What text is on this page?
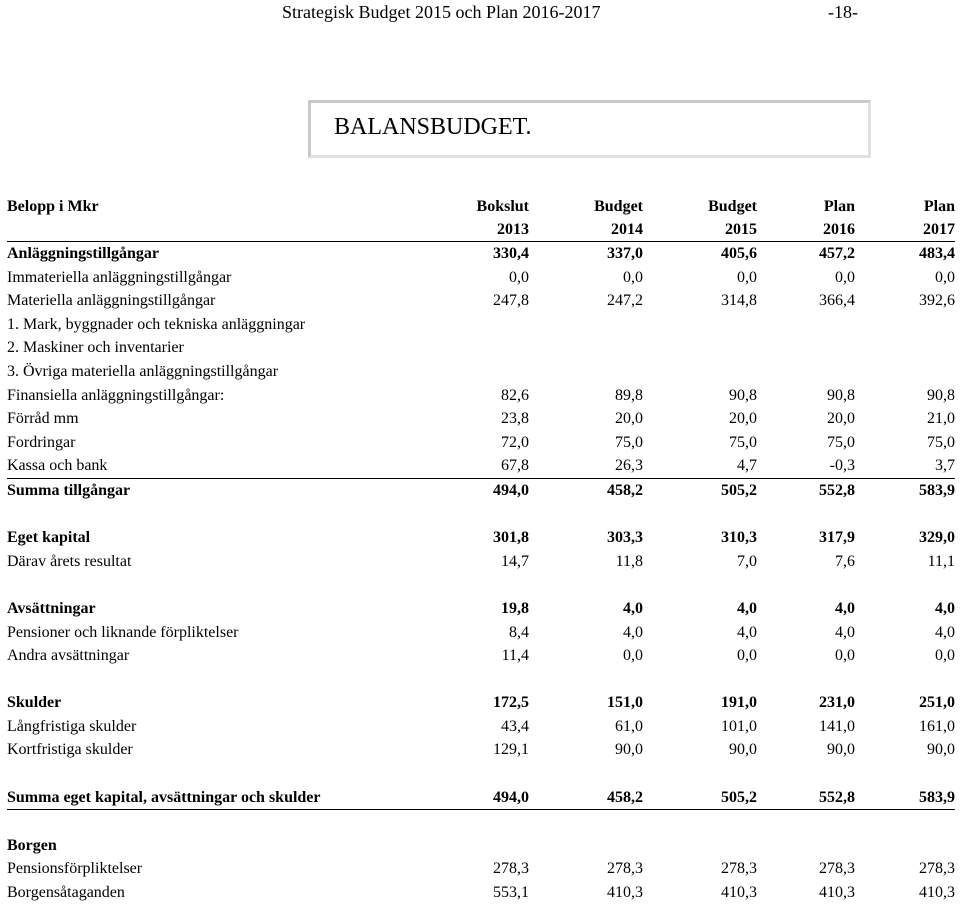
Strategisk Budget 2015 och Plan 2016-2017	-18-
BALANSBUDGET.
Belopp i Mkr	Bokslut	Budget	Budget	Plan	Plan
	2013	2014	2015	2016	2017
Anläggningstillgångar	330,4	337,0	405,6	457,2	483,4
Immateriella anläggningstillgångar	0,0	0,0	0,0	0,0	0,0
Materiella anläggningstillgångar	247,8	247,2	314,8	366,4	392,6
1. Mark, byggnader och tekniska anläggningar					
2. Maskiner och inventarier					
3. Övriga materiella anläggningstillgångar					
Finansiella anläggningstillgångar:	82,6	89,8	90,8	90,8	90,8
Förråd mm	23,8	20,0	20,0	20,0	21,0
Fordringar	72,0	75,0	75,0	75,0	75,0
Kassa och bank	67,8	26,3	4,7	-0,3	3,7
Summa tillgångar	494,0	458,2	505,2	552,8	583,9

Eget kapital	301,8	303,3	310,3	317,9	329,0
Därav årets resultat	14,7	11,8	7,0	7,6	11,1

Avsättningar	19,8	4,0	4,0	4,0	4,0
Pensioner och liknande förpliktelser	8,4	4,0	4,0	4,0	4,0
Andra avsättningar	11,4	0,0	0,0	0,0	0,0

Skulder	172,5	151,0	191,0	231,0	251,0
Långfristiga skulder	43,4	61,0	101,0	141,0	161,0
Kortfristiga skulder	129,1	90,0	90,0	90,0	90,0

Summa eget kapital, avsättningar och skulder	494,0	458,2	505,2	552,8	583,9

Borgen					
Pensionsförpliktelser	278,3	278,3	278,3	278,3	278,3
Borgensåtaganden	553,1	410,3	410,3	410,3	410,3
